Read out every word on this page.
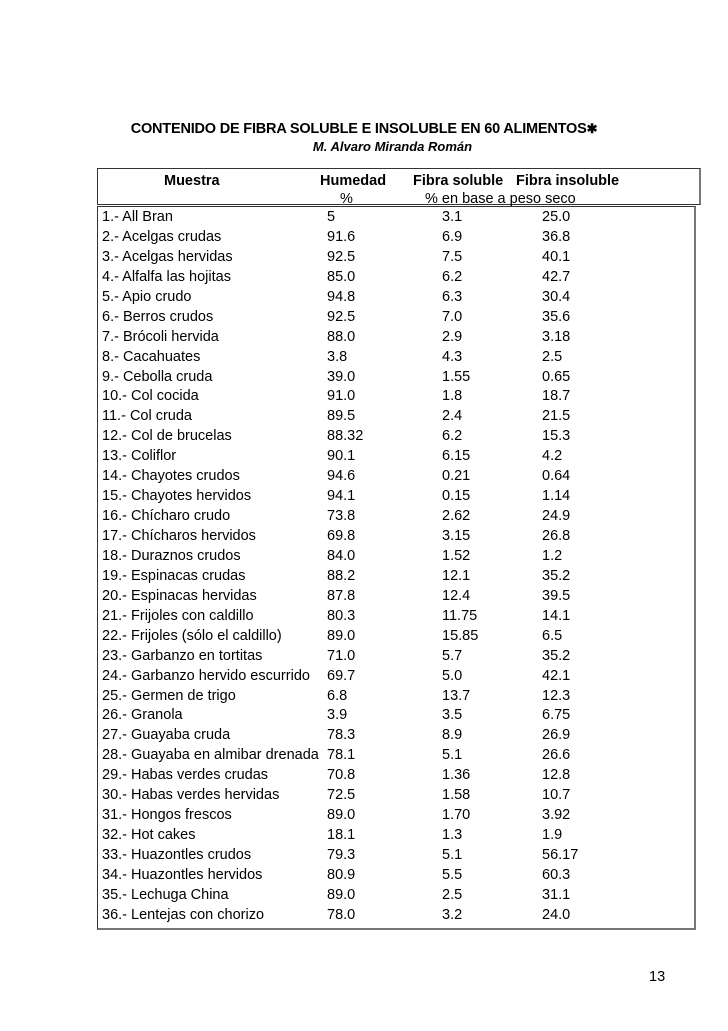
CONTENIDO DE FIBRA SOLUBLE E INSOLUBLE EN 60 ALIMENTOS✱
M. Alvaro Miranda Román
Muestra	Humedad Fibra soluble Fibra insoluble
%	% en base a peso seco
1.- All Bran	5	3.1	25.0
2.- Acelgas crudas	91.6	6.9	36.8
3.- Acelgas hervidas	92.5	7.5	40.1
4.- Alfalfa las hojitas	85.0	6.2	42.7
5.- Apio crudo	94.8	6.3	30.4
6.- Berros crudos	92.5	7.0	35.6
7.- Brócoli hervida	88.0	2.9	3.18
8.- Cacahuates	3.8	4.3	2.5
9.- Cebolla cruda	39.0	1.55	0.65
10.- Col cocida	91.0	1.8	18.7
11.- Col cruda	89.5	2.4	21.5
12.- Col de brucelas	88.32	6.2	15.3
13.- Coliflor	90.1	6.15	4.2
14.- Chayotes crudos	94.6	0.21	0.64
15.- Chayotes hervidos	94.1	0.15	1.14
16.- Chícharo crudo	73.8	2.62	24.9
17.- Chícharos hervidos	69.8	3.15	26.8
18.- Duraznos crudos	84.0	1.52	1.2
19.- Espinacas crudas	88.2	12.1	35.2
20.- Espinacas hervidas	87.8	12.4	39.5
21.- Frijoles con caldillo	80.3	11.75	14.1
22.- Frijoles (sólo el caldillo)	89.0	15.85	6.5
23.- Garbanzo en tortitas	71.0	5.7	35.2
24.- Garbanzo hervido escurrido 69.7	5.0	42.1
25.- Germen de trigo	6.8	13.7	12.3
26.- Granola	3.9	3.5	6.75
27.- Guayaba cruda	78.3	8.9	26.9
28.- Guayaba en almibar drenada 78.1	5.1	26.6
29.- Habas verdes crudas	70.8	1.36	12.8
30.- Habas verdes hervidas	72.5	1.58	10.7
31.- Hongos frescos	89.0	1.70	3.92
32.- Hot cakes	18.1	1.3	1.9
33.- Huazontles crudos	79.3	5.1	56.17
34.- Huazontles hervidos	80.9	5.5	60.3
35.- Lechuga China	89.0	2.5	31.1
36.- Lentejas con chorizo	78.0	3.2	24.0
13
